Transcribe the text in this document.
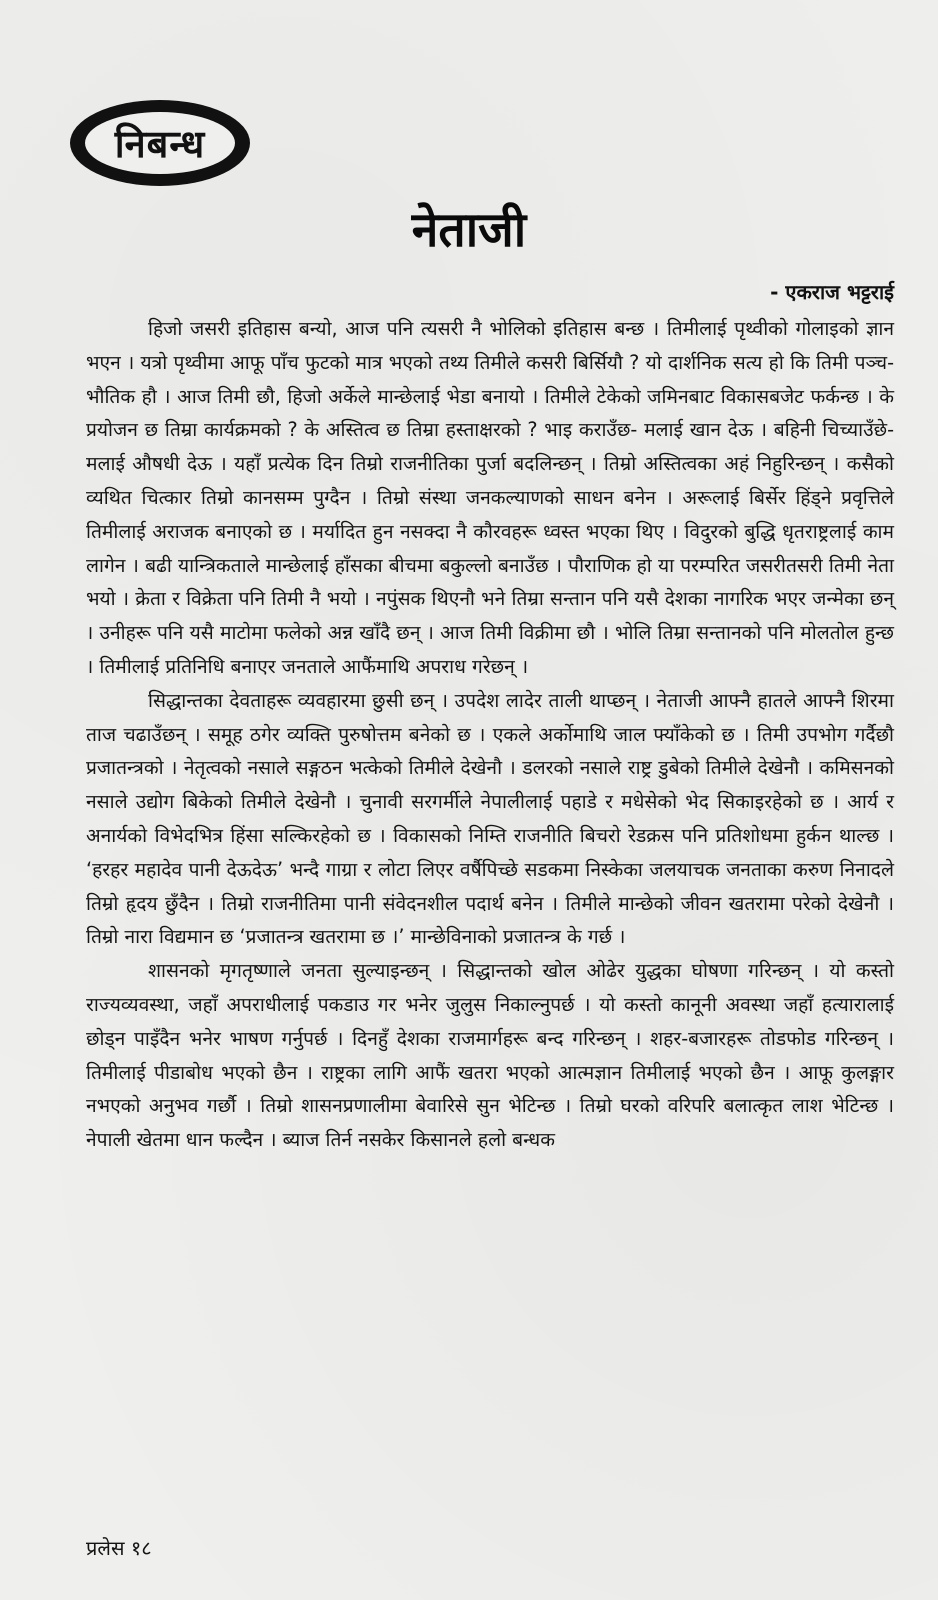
निबन्ध
नेताजी
- एकराज भट्टराई

हिजो जसरी इतिहास बन्यो, आज पनि त्यसरी नै भोलिको इतिहास बन्छ । तिमीलाई पृथ्वीको गोलाइको ज्ञान भएन । यत्रो पृथ्वीमा आफू पाँच फुटको मात्र भएको तथ्य तिमीले कसरी बिर्सियौ ? यो दार्शनिक सत्य हो कि तिमी पञ्च- भौतिक हौ । आज तिमी छौ, हिजो अर्केले मान्छेलाई भेडा बनायो । तिमीले टेकेको जमिनबाट विकासबजेट फर्कन्छ । के प्रयोजन छ तिम्रा कार्यक्रमको ? के अस्तित्व छ तिम्रा हस्ताक्षरको ? भाइ कराउँछ- मलाई खान देऊ । बहिनी चिच्याउँछे- मलाई औषधी देऊ । यहाँ प्रत्येक दिन तिम्रो राजनीतिका पुर्जा बदलिन्छन् । तिम्रो अस्तित्वका अहं निहुरिन्छन् । कसैको व्यथित चित्कार तिम्रो कानसम्म पुग्दैन । तिम्रो संस्था जनकल्याणको साधन बनेन । अरूलाई बिर्सेर हिंड्ने प्रवृत्तिले तिमीलाई अराजक बनाएको छ । मर्यादित हुन नसक्दा नै कौरवहरू ध्वस्त भएका थिए । विदुरको बुद्धि धृतराष्ट्रलाई काम लागेन । बढी यान्त्रिकताले मान्छेलाई हाँसका बीचमा बकुल्लो बनाउँछ । पौराणिक हो या परम्परित जसरीतसरी तिमी नेता भयो । क्रेता र विक्रेता पनि तिमी नै भयो । नपुंसक थिएनौ भने तिम्रा सन्तान पनि यसै देशका नागरिक भएर जन्मेका छन् । उनीहरू पनि यसै माटोमा फलेको अन्न खाँदै छन् । आज तिमी विक्रीमा छौ । भोलि तिम्रा सन्तानको पनि मोलतोल हुन्छ । तिमीलाई प्रतिनिधि बनाएर जनताले आफैंमाथि अपराध गरेछन् ।

सिद्धान्तका देवताहरू व्यवहारमा छुसी छन् । उपदेश लादेर ताली थाप्छन् । नेताजी आफ्नै हातले आफ्नै शिरमा ताज चढाउँछन् । समूह ठगेर व्यक्ति पुरुषोत्तम बनेको छ । एकले अर्कोमाथि जाल फ्याँकेको छ । तिमी उपभोग गर्दैछौ प्रजातन्त्रको । नेतृत्वको नसाले सङ्गठन भत्केको तिमीले देखेनौ । डलरको नसाले राष्ट्र डुबेको तिमीले देखेनौ । कमिसनको नसाले उद्योग बिकेको तिमीले देखेनौ । चुनावी सरगर्मीले नेपालीलाई पहाडे र मधेसेको भेद सिकाइरहेको छ । आर्य र अनार्यको विभेदभित्र हिंसा सल्किरहेको छ । विकासको निम्ति राजनीति बिचरो रेडक्रस पनि प्रतिशोधमा हुर्कन थाल्छ । ‘हरहर महादेव पानी देऊदेऊ’ भन्दै गाग्रा र लोटा लिएर वर्षैपिच्छे सडकमा निस्केका जलयाचक जनताका करुण निनादले तिम्रो हृदय छुँदैन । तिम्रो राजनीतिमा पानी संवेदनशील पदार्थ बनेन । तिमीले मान्छेको जीवन खतरामा परेको देखेनौ । तिम्रो नारा विद्यमान छ ‘प्रजातन्त्र खतरामा छ ।’ मान्छेविनाको प्रजातन्त्र के गर्छ ।

शासनको मृगतृष्णाले जनता सुल्याइन्छन् । सिद्धान्तको खोल ओढेर युद्धका घोषणा गरिन्छन् । यो कस्तो राज्यव्यवस्था, जहाँ अपराधीलाई पकडाउ गर भनेर जुलुस निकाल्नुपर्छ । यो कस्तो कानूनी अवस्था जहाँ हत्यारालाई छोड्न पाइँदैन भनेर भाषण गर्नुपर्छ । दिनहुँ देशका राजमार्गहरू बन्द गरिन्छन् । शहर-बजारहरू तोडफोड गरिन्छन् । तिमीलाई पीडाबोध भएको छैन । राष्ट्रका लागि आफैं खतरा भएको आत्मज्ञान तिमीलाई भएको छैन । आफू कुलङ्गार नभएको अनुभव गर्छौ । तिम्रो शासनप्रणालीमा बेवारिसे सुन भेटिन्छ । तिम्रो घरको वरिपरि बलात्कृत लाश भेटिन्छ । नेपाली खेतमा धान फल्दैन । ब्याज तिर्न नसकेर किसानले हलो बन्धक

प्रलेस १८
